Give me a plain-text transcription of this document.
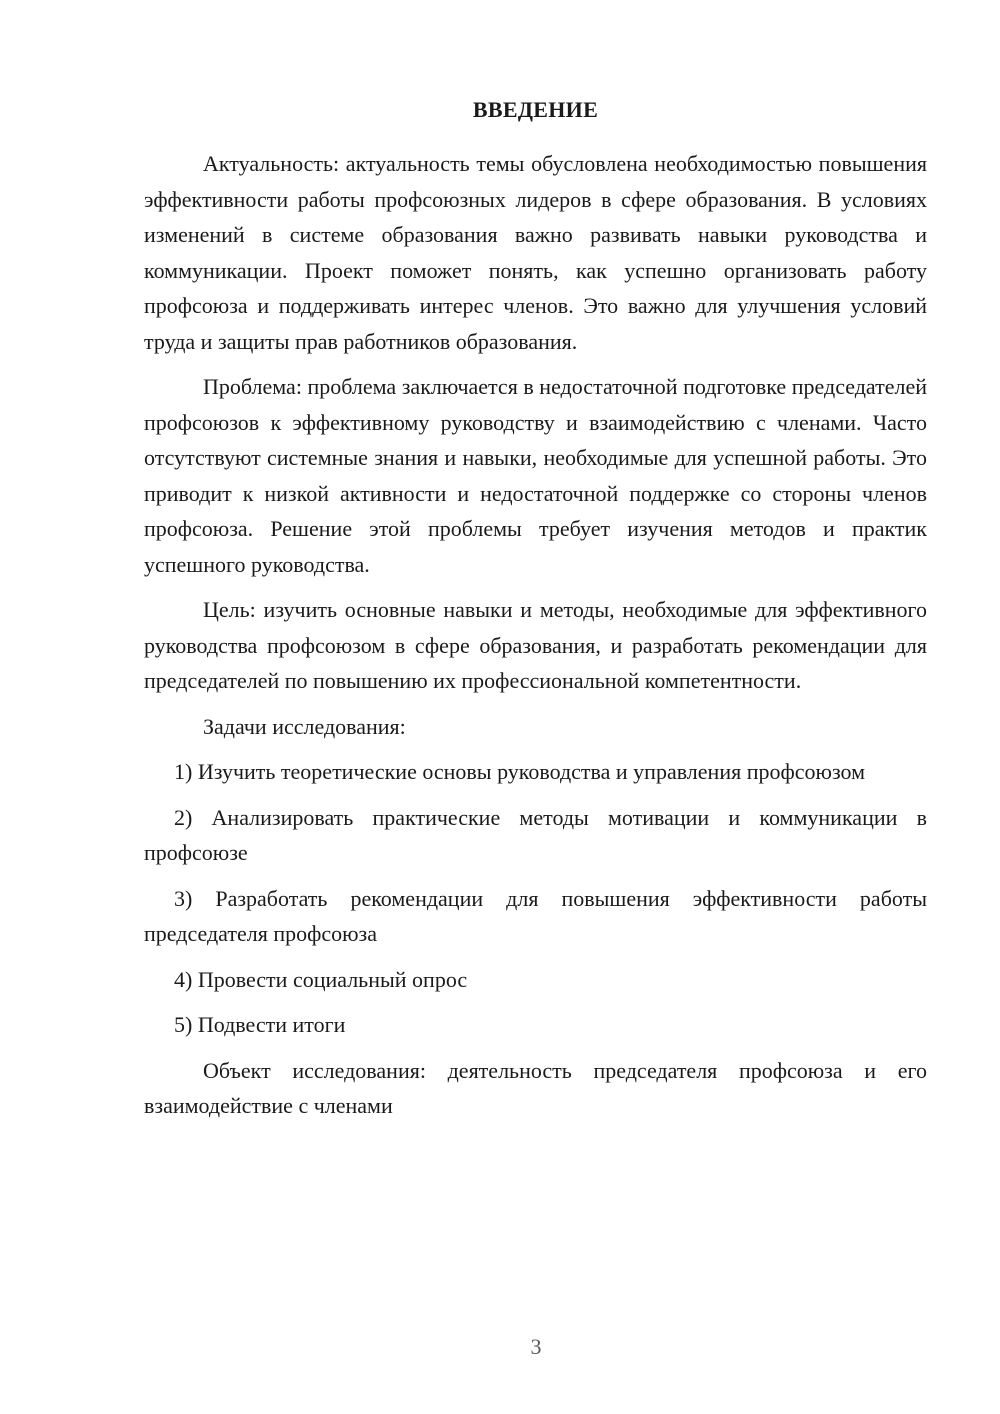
ВВЕДЕНИЕ

Актуальность: актуальность темы обусловлена необходимостью повышения эффективности работы профсоюзных лидеров в сфере образования. В условиях изменений в системе образования важно развивать навыки руководства и коммуникации. Проект поможет понять, как успешно организовать работу профсоюза и поддерживать интерес членов. Это важно для улучшения условий труда и защиты прав работников образования.

Проблема: проблема заключается в недостаточной подготовке председателей профсоюзов к эффективному руководству и взаимодействию с членами. Часто отсутствуют системные знания и навыки, необходимые для успешной работы. Это приводит к низкой активности и недостаточной поддержке со стороны членов профсоюза. Решение этой проблемы требует изучения методов и практик успешного руководства.

Цель: изучить основные навыки и методы, необходимые для эффективного руководства профсоюзом в сфере образования, и разработать рекомендации для председателей по повышению их профессиональной компетентности.

Задачи исследования:

1) Изучить теоретические основы руководства и управления профсоюзом

2) Анализировать практические методы мотивации и коммуникации в профсоюзе

3) Разработать рекомендации для повышения эффективности работы председателя профсоюза

4) Провести социальный опрос

5) Подвести итоги

Объект исследования: деятельность председателя профсоюза и его взаимодействие с членами

3
